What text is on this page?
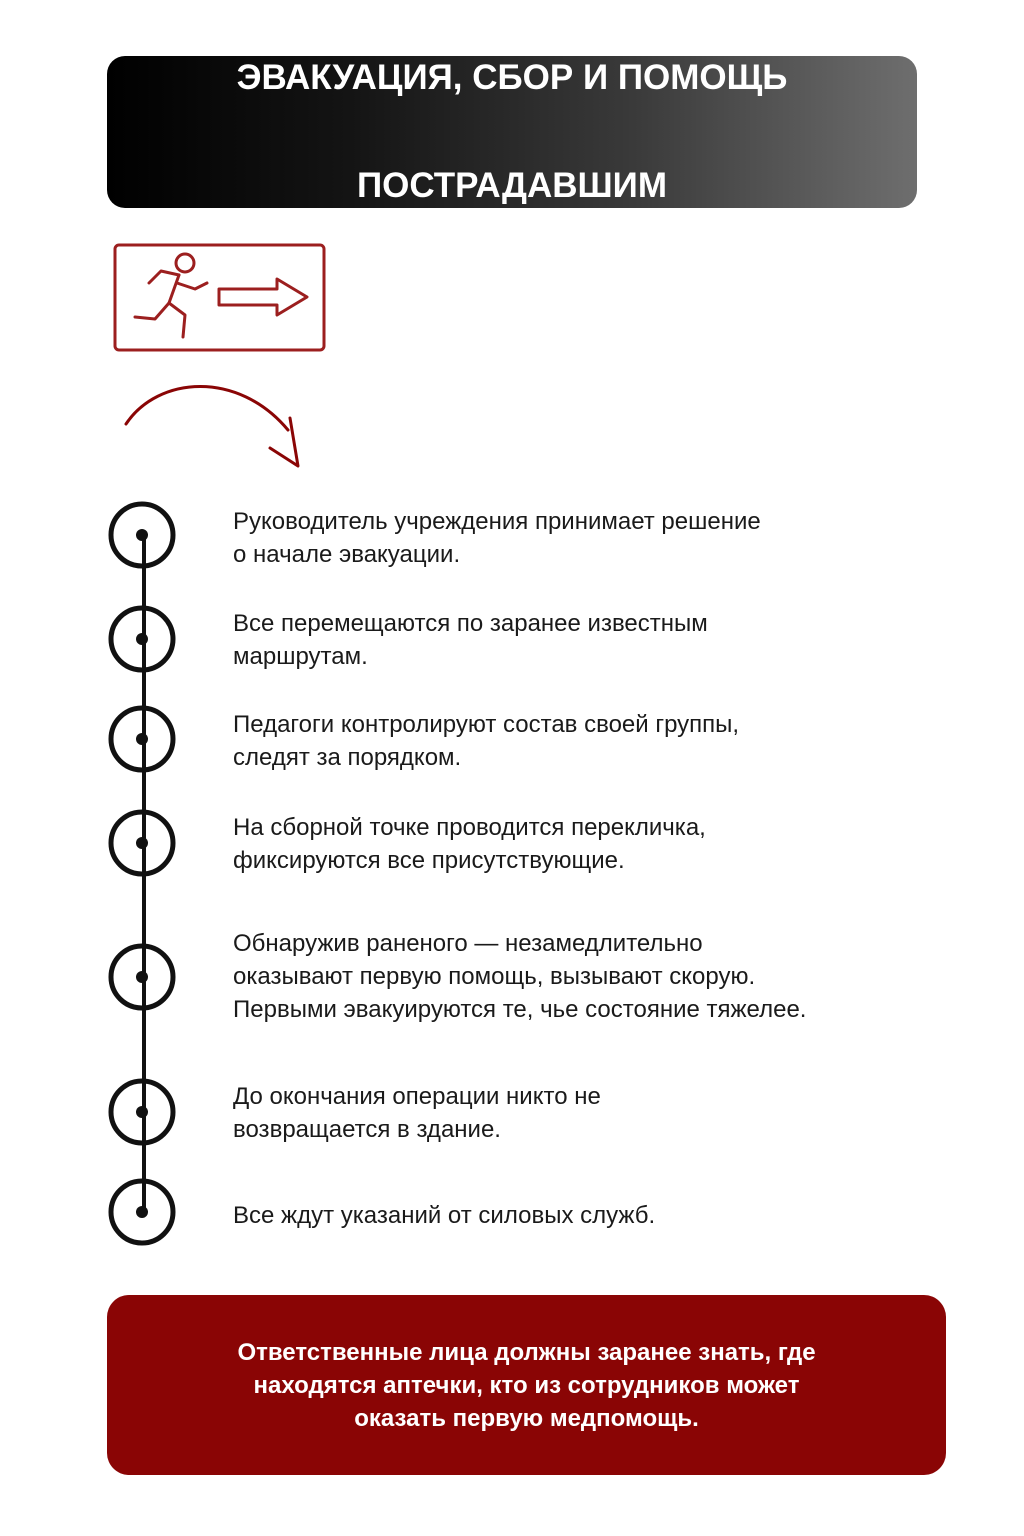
ЭВАКУАЦИЯ, СБОР И ПОМОЩЬ

ПОСТРАДАВШИМ

Руководитель учреждения принимает решение
о начале эвакуации.
Все перемещаются по заранее известным
маршрутам.
Педагоги контролируют состав своей группы,
следят за порядком.
На сборной точке проводится перекличка,
фиксируются все присутствующие.
Обнаружив раненого — незамедлительно
оказывают первую помощь, вызывают скорую.
Первыми эвакуируются те, чье состояние тяжелее.
До окончания операции никто не
возвращается в здание.
Все ждут указаний от силовых служб.
Ответственные лица должны заранее знать, где
находятся аптечки, кто из сотрудников может
оказать первую медпомощь.
